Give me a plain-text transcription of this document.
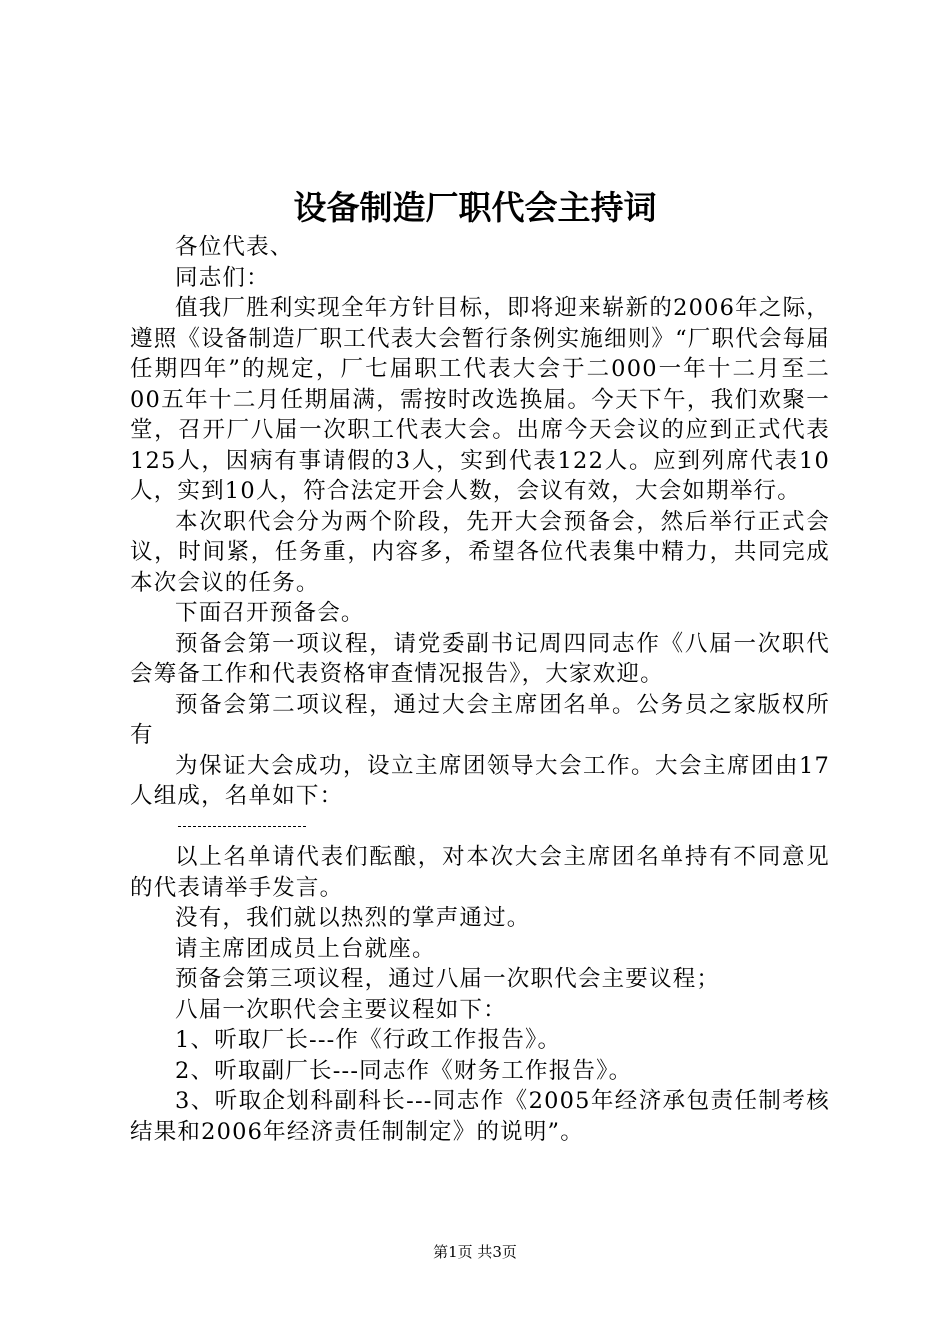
设备制造厂职代会主持词

各位代表、

同志们：

值我厂胜利实现全年方针目标，即将迎来崭新的2006年之际，遵照《设备制造厂职工代表大会暂行条例实施细则》“厂职代会每届任期四年”的规定，厂七届职工代表大会于二000一年十二月至二00五年十二月任期届满，需按时改选换届。今天下午，我们欢聚一堂，召开厂八届一次职工代表大会。出席今天会议的应到正式代表125人，因病有事请假的3人，实到代表122人。应到列席代表10人，实到10人，符合法定开会人数，会议有效，大会如期举行。

本次职代会分为两个阶段，先开大会预备会，然后举行正式会议，时间紧，任务重，内容多，希望各位代表集中精力，共同完成本次会议的任务。

下面召开预备会。

预备会第一项议程，请党委副书记周四同志作《八届一次职代会筹备工作和代表资格审查情况报告》，大家欢迎。

预备会第二项议程，通过大会主席团名单。公务员之家版权所有

为保证大会成功，设立主席团领导大会工作。大会主席团由17人组成，名单如下：

以上名单请代表们酝酿，对本次大会主席团名单持有不同意见的代表请举手发言。

没有，我们就以热烈的掌声通过。

请主席团成员上台就座。

预备会第三项议程，通过八届一次职代会主要议程；

八届一次职代会主要议程如下：

1、听取厂长---作《行政工作报告》。

2、听取副厂长---同志作《财务工作报告》。

3、听取企划科副科长---同志作《2005年经济承包责任制考核结果和2006年经济责任制制定》的说明”。

第1页 共3页
